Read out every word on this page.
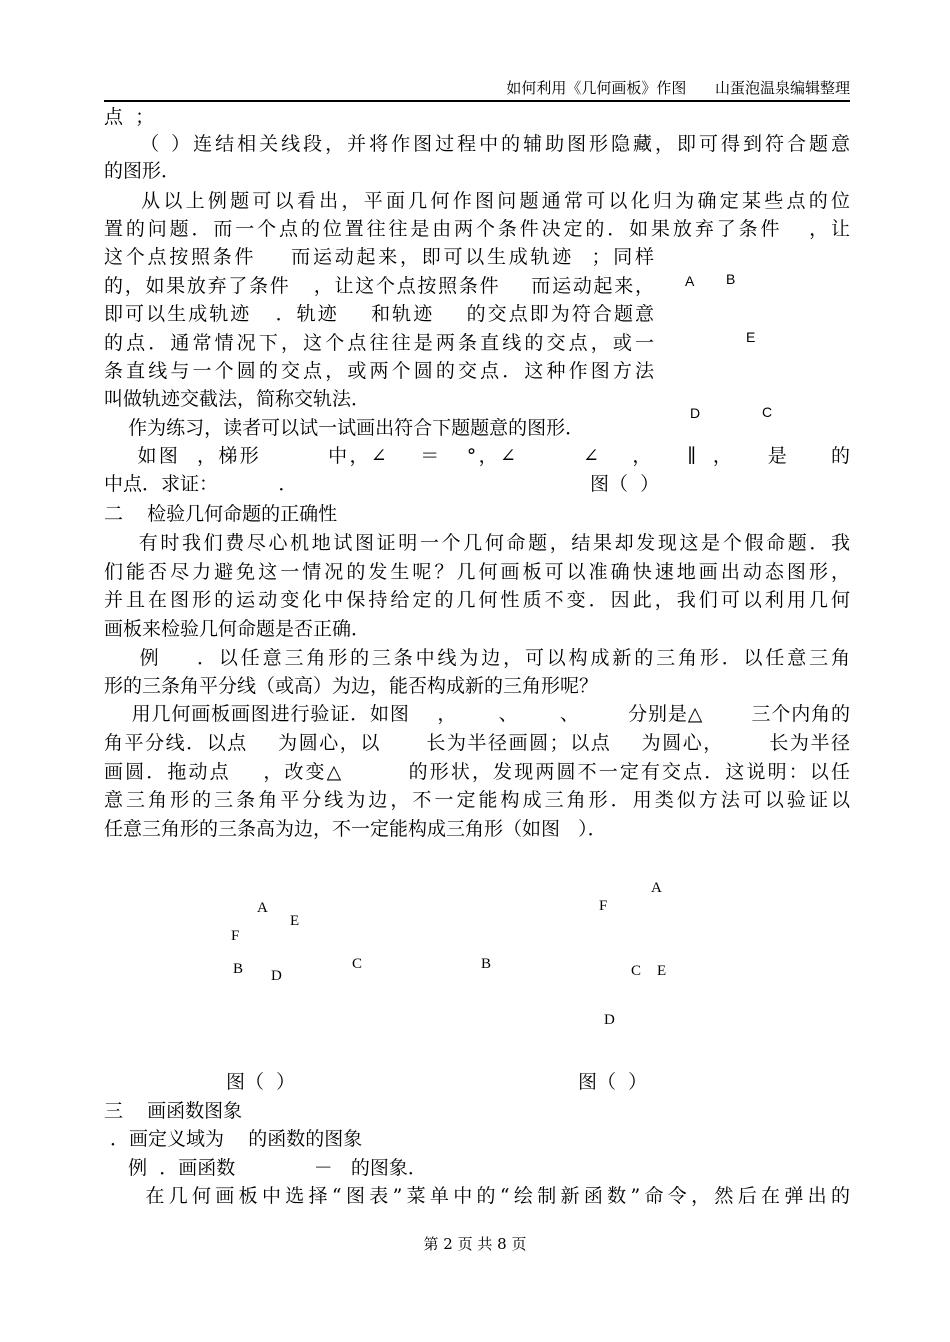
如何利用《几何画板》作图 山蛋泡温泉编辑整理
点  ；
（ ）连结相关线段，并将作图过程中的辅助图形隐藏，即可得到符合题意
的图形．
从以上例题可以看出，平面几何作图问题通常可以化归为确定某些点的位
置的问题．而一个点的位置往往是由两个条件决定的．如果放弃了条件   ，让
这个点按照条件    而运动起来，即可以生成轨迹  ；同样
的，如果放弃了条件   ，让这个点按照条件    而运动起来，
即可以生成轨迹   ．轨迹    和轨迹    的交点即为符合题意
的点．通常情况下，这个点往往是两条直线的交点，或一
条直线与一个圆的交点，或两个圆的交点．这种作图方法
叫做轨迹交截法，简称交轨法．
作为练习，读者可以试一试画出符合下题题意的图形．
如图  ，梯形        中，∠    ＝   °，∠        ∠    ，    ∥  ，    是     的
中点．求证：          ．	图（  ）
A B
E
D	C
二    检验几何命题的正确性
有时我们费尽心机地试图证明一个几何命题，结果却发现这是个假命题．我
们能否尽力避免这一情况的发生呢？几何画板可以准确快速地画出动态图形，
并且在图形的运动变化中保持给定的几何性质不变．因此，我们可以利用几何
画板来检验几何命题是否正确．
例    ．以任意三角形的三条中线为边，可以构成新的三角形．以任意三角
形的三条角平分线（或高）为边，能否构成新的三角形呢？
用几何画板画图进行验证．如图    ，      、      、       分别是△       三个内角的
角平分线．以点    为圆心，以      长为半径画圆；以点    为圆心，      长为半径
画圆．拖动点    ，改变△        的形状，发现两圆不一定有交点．这说明：以任
意三角形的三条角平分线为边，不一定能构成三角形．用类似方法可以验证以
任意三角形的三条高为边，不一定能构成三角形（如图   ）．
A
E
F
B D
C
图（  ）
A
F
B	C E
D
图（  ）
三    画函数图象
．画定义域为    的函数的图象
例  ．画函数             －   的图象．
在几何画板中选择“图表”菜单中的“绘制新函数”命令，然后在弹出的
第 2 页 共 8 页
